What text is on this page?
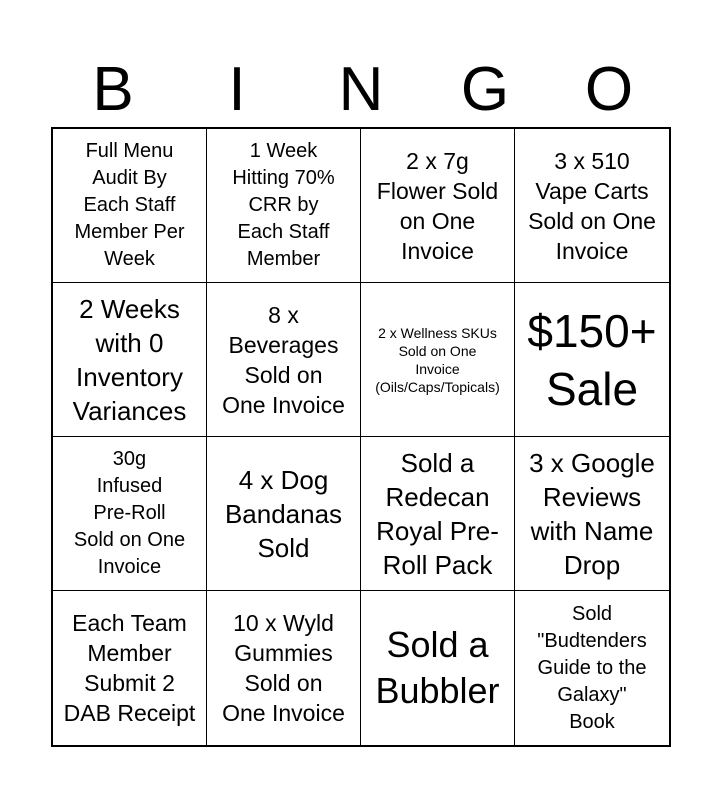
B	I	N	G	O
Full Menu
Audit By
Each Staff
Member Per
Week
1 Week
Hitting 70%
CRR by
Each Staff
Member
2 x 7g
Flower Sold
on One
Invoice
3 x 510
Vape Carts
Sold on One
Invoice
2 Weeks
with 0
Inventory
Variances
8 x
Beverages
Sold on
One Invoice
2 x Wellness SKUs
Sold on One
Invoice
(Oils/Caps/Topicals)
$150+
Sale
30g
Infused
Pre-Roll
Sold on One
Invoice
4 x Dog
Bandanas
Sold
Sold a
Redecan
Royal Pre-
Roll Pack
3 x Google
Reviews
with Name
Drop
Each Team
Member
Submit 2
DAB Receipt
10 x Wyld
Gummies
Sold on
One Invoice
Sold a
Bubbler
Sold
"Budtenders
Guide to the
Galaxy"
Book
